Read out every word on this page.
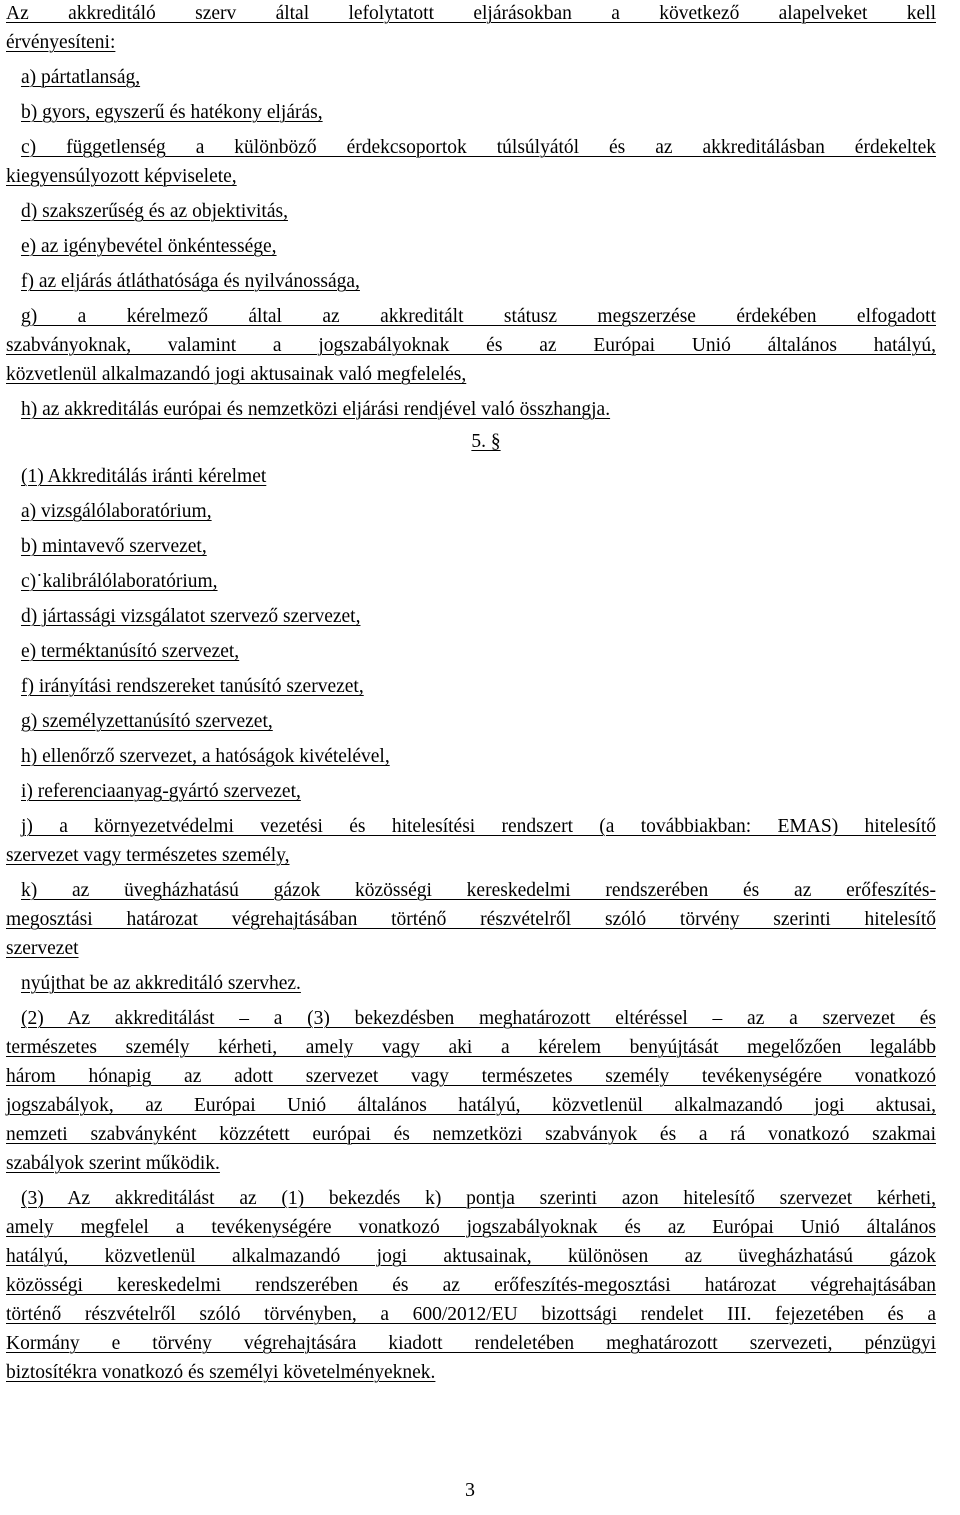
Az akkreditáló szerv által lefolytatott eljárásokban a következő alapelveket kell
érvényesíteni:
a) pártatlanság,
b) gyors, egyszerű és hatékony eljárás,
c) függetlenség a különböző érdekcsoportok túlsúlyától és az akkreditálásban érdekeltek
kiegyensúlyozott képviselete,
d) szakszerűség és az objektivitás,
e) az igénybevétel önkéntessége,
f) az eljárás átláthatósága és nyilvánossága,
g) a kérelmező által az akkreditált státusz megszerzése érdekében elfogadott
szabványoknak, valamint a jogszabályoknak és az Európai Unió általános hatályú,
közvetlenül alkalmazandó jogi aktusainak való megfelelés,
h) az akkreditálás európai és nemzetközi eljárási rendjével való összhangja.
5. §
(1) Akkreditálás iránti kérelmet
a) vizsgálólaboratórium,
b) mintavevő szervezet,
c)˙kalibrálólaboratórium,
d) jártassági vizsgálatot szervező szervezet,
e) terméktanúsító szervezet,
f) irányítási rendszereket tanúsító szervezet,
g) személyzettanúsító szervezet,
h) ellenőrző szervezet, a hatóságok kivételével,
i) referenciaanyag-gyártó szervezet,
j) a környezetvédelmi vezetési és hitelesítési rendszert (a továbbiakban: EMAS) hitelesítő
szervezet vagy természetes személy,
k) az üvegházhatású gázok közösségi kereskedelmi rendszerében és az erőfeszítés-
megosztási határozat végrehajtásában történő részvételről szóló törvény szerinti hitelesítő
szervezet
nyújthat be az akkreditáló szervhez.
(2) Az akkreditálást – a (3) bekezdésben meghatározott eltéréssel – az a szervezet és
természetes személy kérheti, amely vagy aki a kérelem benyújtását megelőzően legalább
három hónapig az adott szervezet vagy természetes személy tevékenységére vonatkozó
jogszabályok, az Európai Unió általános hatályú, közvetlenül alkalmazandó jogi aktusai,
nemzeti szabványként közzétett európai és nemzetközi szabványok és a rá vonatkozó szakmai
szabályok szerint működik.
(3) Az akkreditálást az (1) bekezdés k) pontja szerinti azon hitelesítő szervezet kérheti,
amely megfelel a tevékenységére vonatkozó jogszabályoknak és az Európai Unió általános
hatályú, közvetlenül alkalmazandó jogi aktusainak, különösen az üvegházhatású gázok
közösségi kereskedelmi rendszerében és az erőfeszítés-megosztási határozat végrehajtásában
történő részvételről szóló törvényben, a 600/2012/EU bizottsági rendelet III. fejezetében és a
Kormány e törvény végrehajtására kiadott rendeletében meghatározott szervezeti, pénzügyi
biztosítékra vonatkozó és személyi követelményeknek.
3
